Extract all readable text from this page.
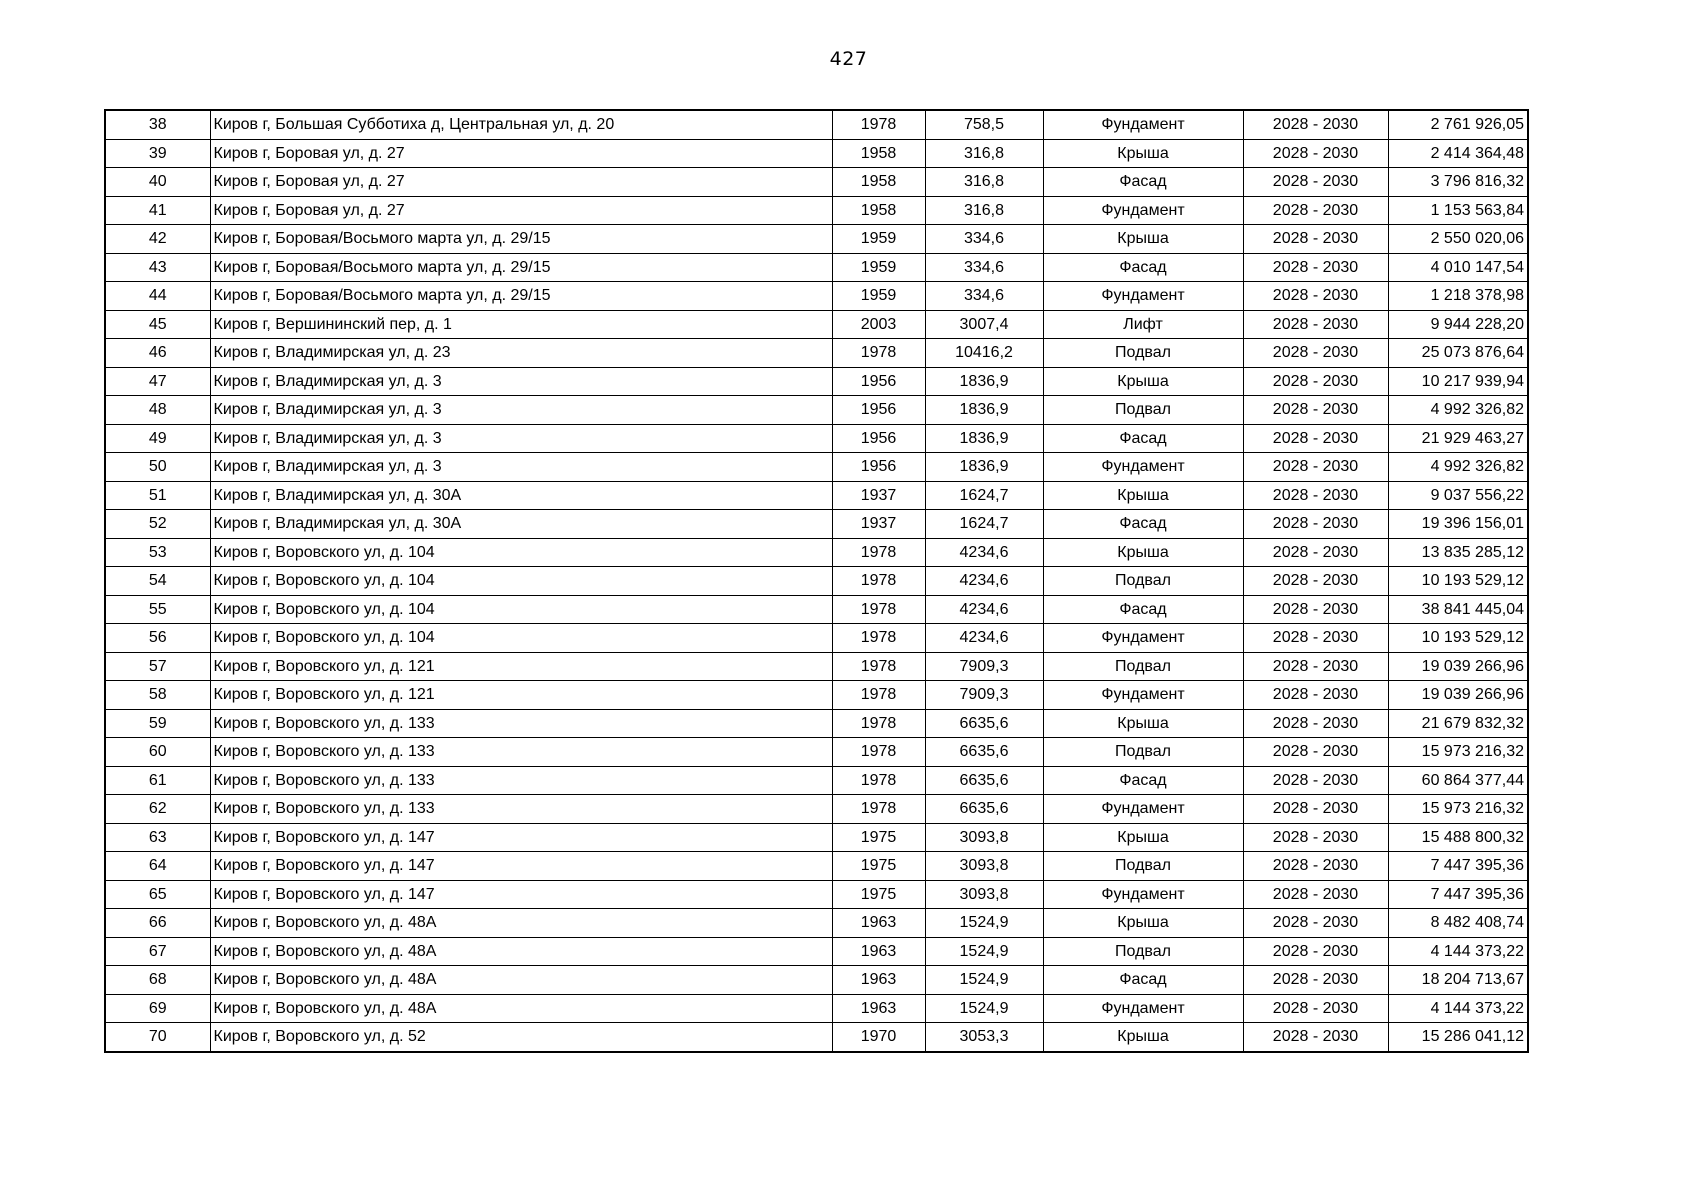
427
38	Киров г, Большая Субботиха д, Центральная ул, д. 20	1978	758,5	Фундамент	2028 - 2030	2 761 926,05
39	Киров г, Боровая ул, д. 27	1958	316,8	Крыша	2028 - 2030	2 414 364,48
40	Киров г, Боровая ул, д. 27	1958	316,8	Фасад	2028 - 2030	3 796 816,32
41	Киров г, Боровая ул, д. 27	1958	316,8	Фундамент	2028 - 2030	1 153 563,84
42	Киров г, Боровая/Восьмого марта ул, д. 29/15	1959	334,6	Крыша	2028 - 2030	2 550 020,06
43	Киров г, Боровая/Восьмого марта ул, д. 29/15	1959	334,6	Фасад	2028 - 2030	4 010 147,54
44	Киров г, Боровая/Восьмого марта ул, д. 29/15	1959	334,6	Фундамент	2028 - 2030	1 218 378,98
45	Киров г, Вершининский пер, д. 1	2003	3007,4	Лифт	2028 - 2030	9 944 228,20
46	Киров г, Владимирская ул, д. 23	1978	10416,2	Подвал	2028 - 2030	25 073 876,64
47	Киров г, Владимирская ул, д. 3	1956	1836,9	Крыша	2028 - 2030	10 217 939,94
48	Киров г, Владимирская ул, д. 3	1956	1836,9	Подвал	2028 - 2030	4 992 326,82
49	Киров г, Владимирская ул, д. 3	1956	1836,9	Фасад	2028 - 2030	21 929 463,27
50	Киров г, Владимирская ул, д. 3	1956	1836,9	Фундамент	2028 - 2030	4 992 326,82
51	Киров г, Владимирская ул, д. 30А	1937	1624,7	Крыша	2028 - 2030	9 037 556,22
52	Киров г, Владимирская ул, д. 30А	1937	1624,7	Фасад	2028 - 2030	19 396 156,01
53	Киров г, Воровского ул, д. 104	1978	4234,6	Крыша	2028 - 2030	13 835 285,12
54	Киров г, Воровского ул, д. 104	1978	4234,6	Подвал	2028 - 2030	10 193 529,12
55	Киров г, Воровского ул, д. 104	1978	4234,6	Фасад	2028 - 2030	38 841 445,04
56	Киров г, Воровского ул, д. 104	1978	4234,6	Фундамент	2028 - 2030	10 193 529,12
57	Киров г, Воровского ул, д. 121	1978	7909,3	Подвал	2028 - 2030	19 039 266,96
58	Киров г, Воровского ул, д. 121	1978	7909,3	Фундамент	2028 - 2030	19 039 266,96
59	Киров г, Воровского ул, д. 133	1978	6635,6	Крыша	2028 - 2030	21 679 832,32
60	Киров г, Воровского ул, д. 133	1978	6635,6	Подвал	2028 - 2030	15 973 216,32
61	Киров г, Воровского ул, д. 133	1978	6635,6	Фасад	2028 - 2030	60 864 377,44
62	Киров г, Воровского ул, д. 133	1978	6635,6	Фундамент	2028 - 2030	15 973 216,32
63	Киров г, Воровского ул, д. 147	1975	3093,8	Крыша	2028 - 2030	15 488 800,32
64	Киров г, Воровского ул, д. 147	1975	3093,8	Подвал	2028 - 2030	7 447 395,36
65	Киров г, Воровского ул, д. 147	1975	3093,8	Фундамент	2028 - 2030	7 447 395,36
66	Киров г, Воровского ул, д. 48А	1963	1524,9	Крыша	2028 - 2030	8 482 408,74
67	Киров г, Воровского ул, д. 48А	1963	1524,9	Подвал	2028 - 2030	4 144 373,22
68	Киров г, Воровского ул, д. 48А	1963	1524,9	Фасад	2028 - 2030	18 204 713,67
69	Киров г, Воровского ул, д. 48А	1963	1524,9	Фундамент	2028 - 2030	4 144 373,22
70	Киров г, Воровского ул, д. 52	1970	3053,3	Крыша	2028 - 2030	15 286 041,12
